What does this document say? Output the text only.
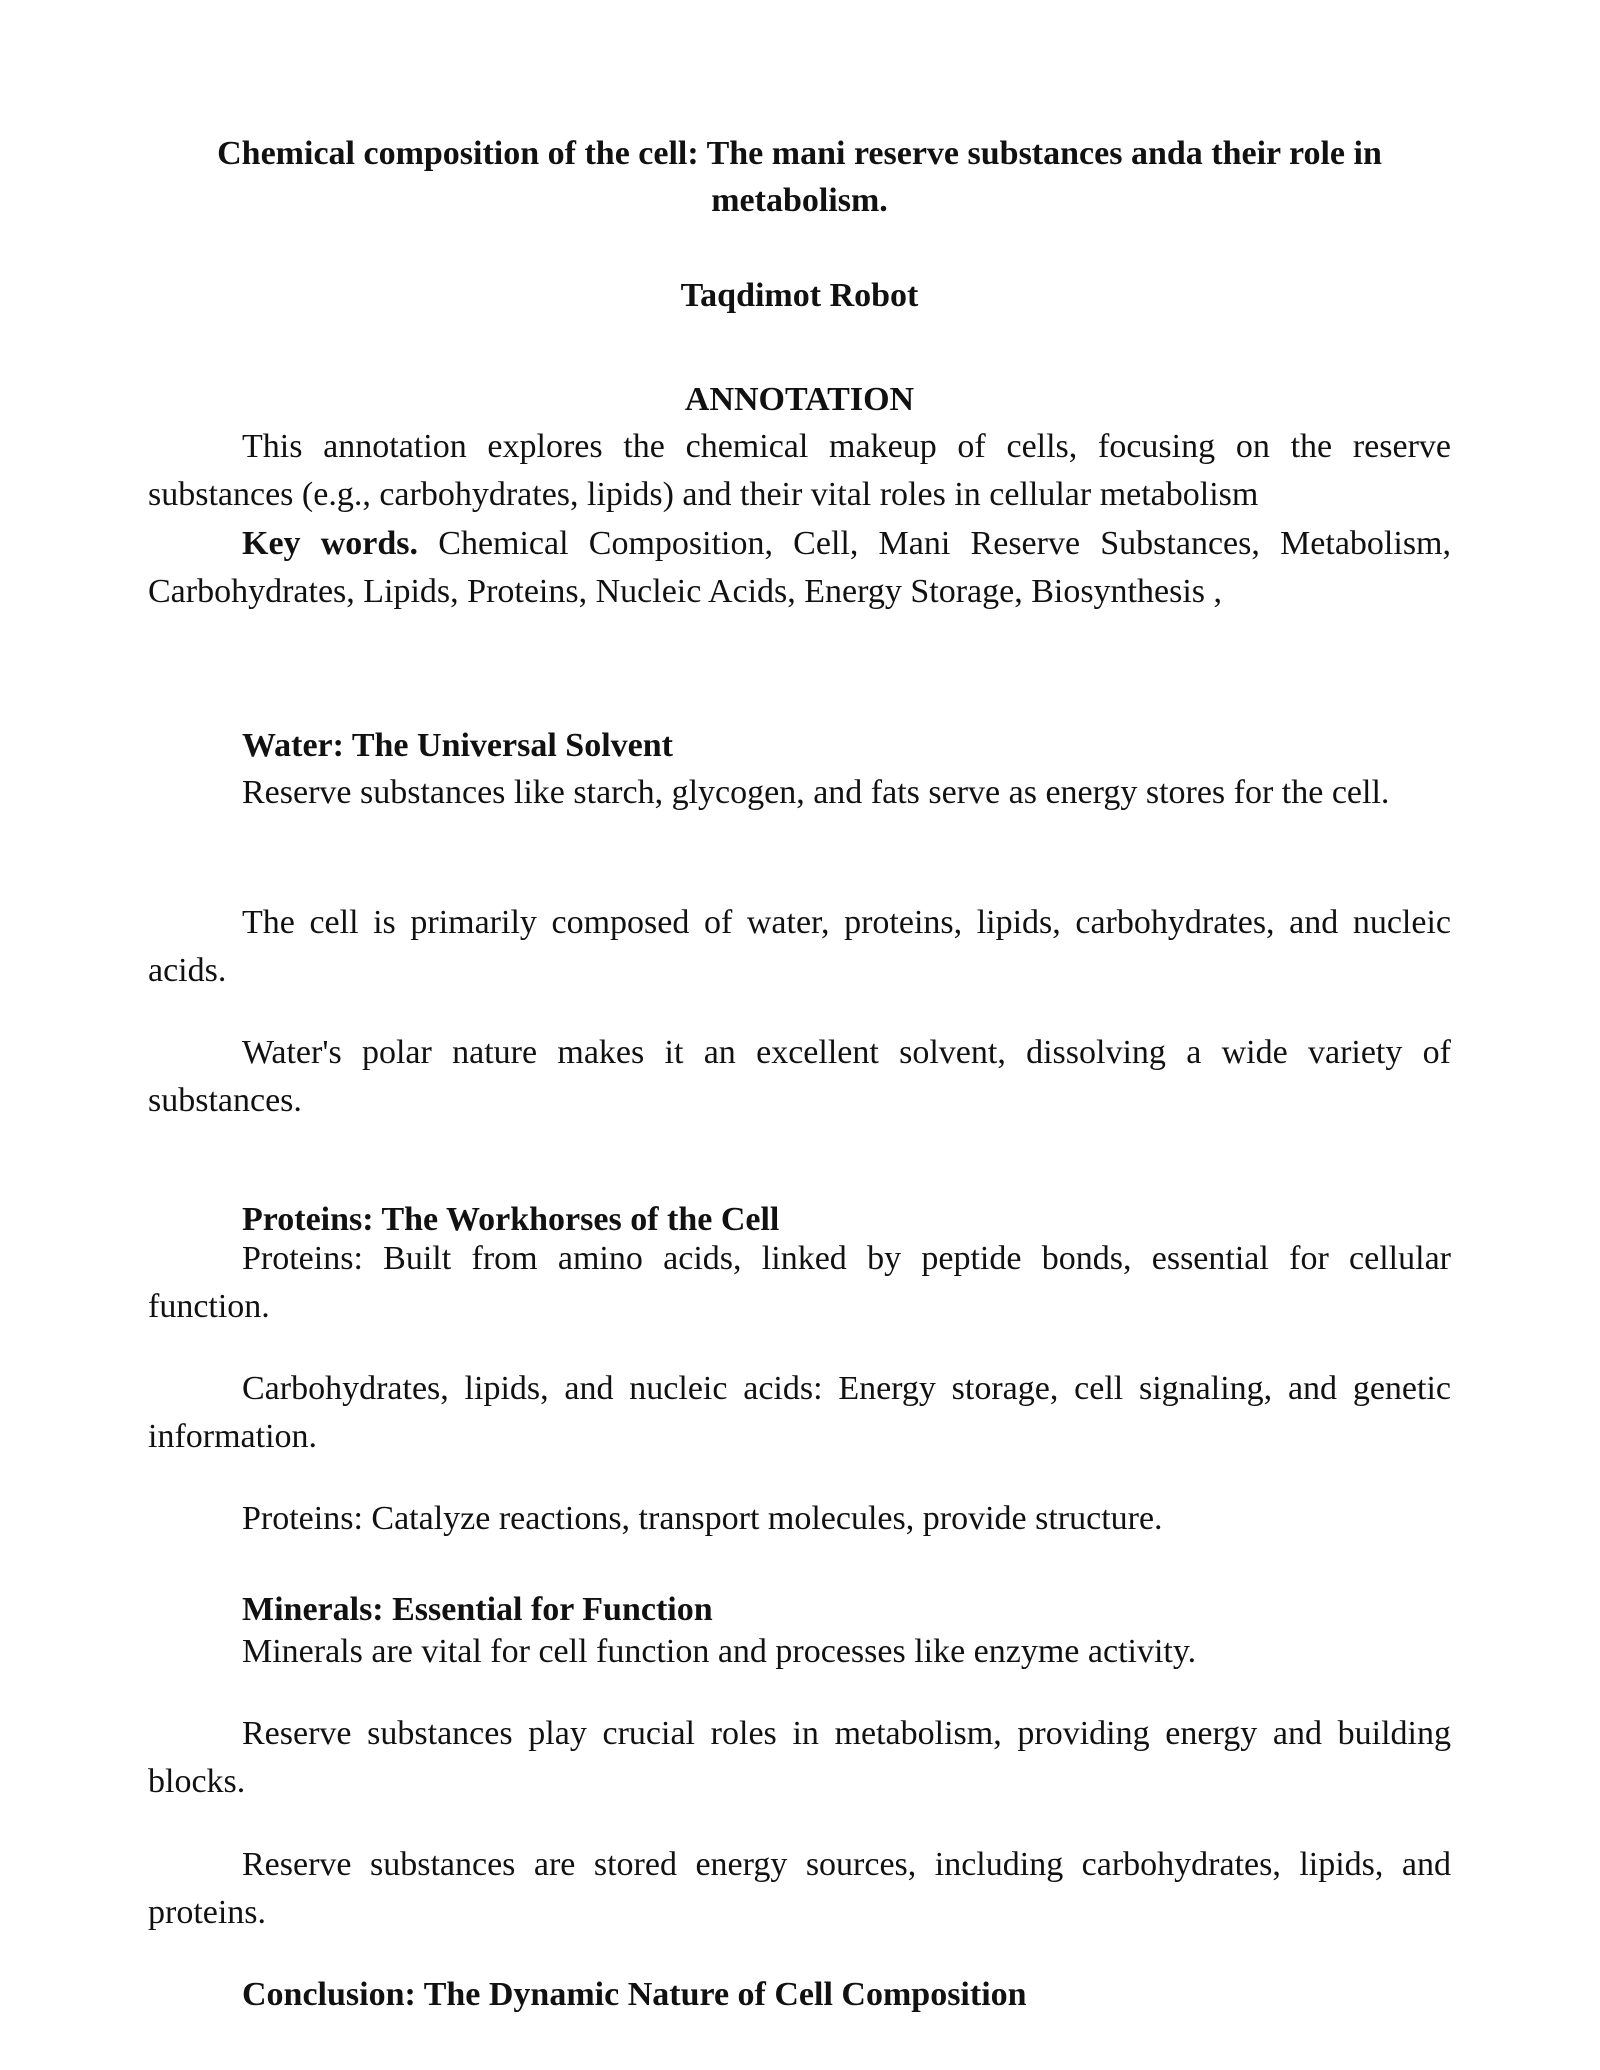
Chemical composition of the cell: The mani reserve substances anda their role in metabolism.
Taqdimot Robot
ANNOTATION

This annotation explores the chemical makeup of cells, focusing on the reserve substances (e.g., carbohydrates, lipids) and their vital roles in cellular metabolism

Key words. Chemical Composition, Cell, Mani Reserve Substances, Metabolism, Carbohydrates, Lipids, Proteins, Nucleic Acids, Energy Storage, Biosynthesis ,

Water: The Universal Solvent

Reserve substances like starch, glycogen, and fats serve as energy stores for the cell.

The cell is primarily composed of water, proteins, lipids, carbohydrates, and nucleic acids.

Water's polar nature makes it an excellent solvent, dissolving a wide variety of substances.

Proteins: The Workhorses of the Cell

Proteins: Built from amino acids, linked by peptide bonds, essential for cellular function.

Carbohydrates, lipids, and nucleic acids: Energy storage, cell signaling, and genetic information.

Proteins: Catalyze reactions, transport molecules, provide structure.

Minerals: Essential for Function

Minerals are vital for cell function and processes like enzyme activity.

Reserve substances play crucial roles in metabolism, providing energy and building blocks.

Reserve substances are stored energy sources, including carbohydrates, lipids, and proteins.

Conclusion: The Dynamic Nature of Cell Composition
